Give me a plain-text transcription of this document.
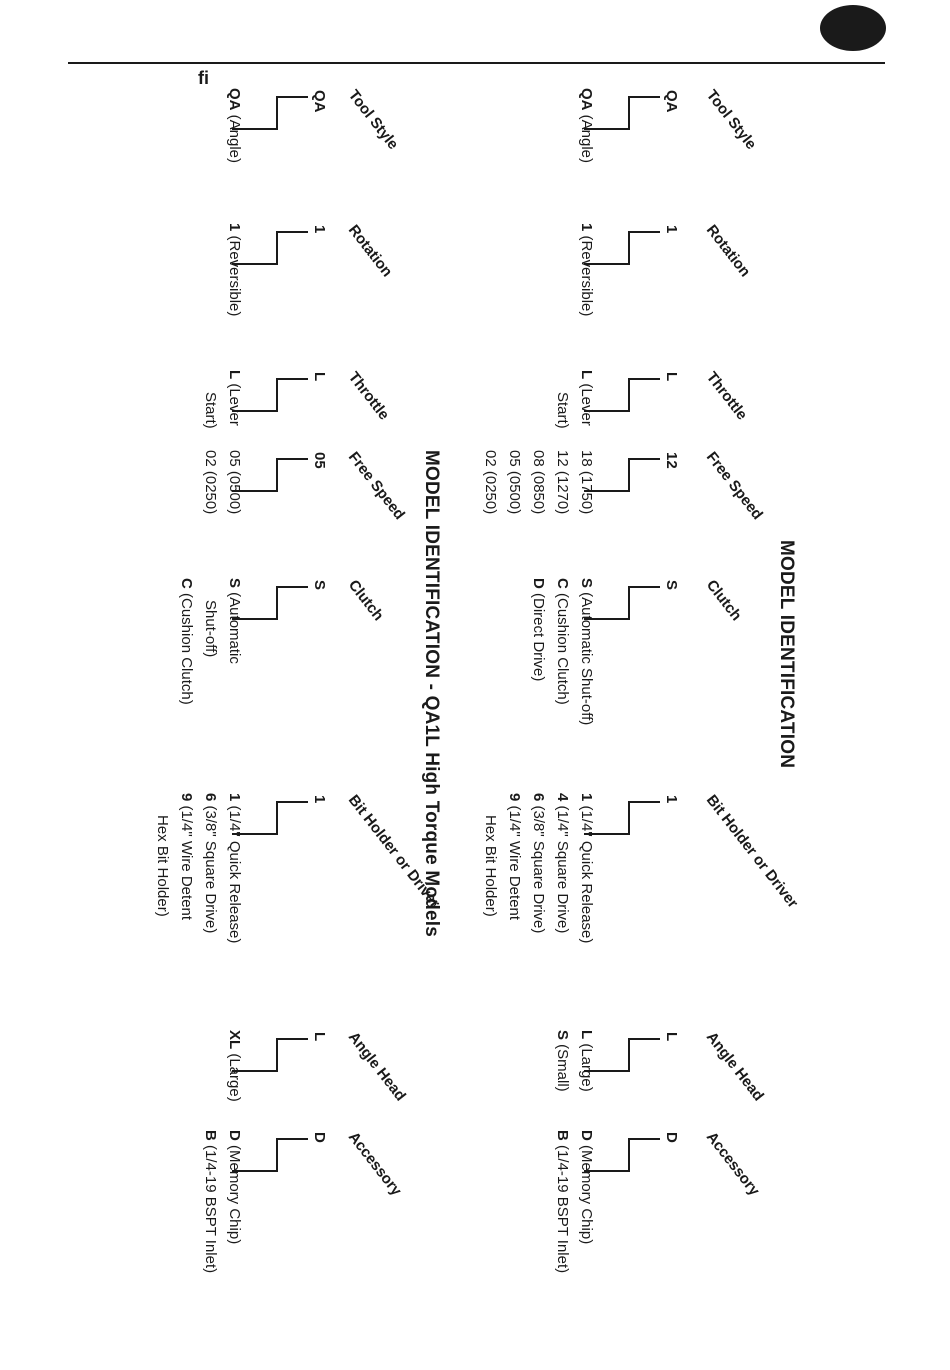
fi
MODEL IDENTIFICATION
Tool Style
QA
QA (Angle)
Rotation
1
1 (Reversible)
Throttle
L
L (Lever
Start)
Free Speed
12
18 (1750)
12 (1270)
08 (0850)
05 (0500)
02 (0250)
Clutch
S
S (Automatic Shut-off)
C (Cushion Clutch)
D (Direct Drive)
Bit Holder or Driver
1
1 (1/4" Quick Release)
4 (1/4" Square Drive)
6 (3/8" Square Drive)
9 (1/4" Wire Detent
Hex Bit Holder)
Angle Head
L
L (Large)
S (Small)
Accessory
D
D (Memory Chip)
B (1/4-19 BSPT Inlet)
MODEL IDENTIFICATION - QA1L High Torque Models
Tool Style
QA
QA (Angle)
Rotation
1
1 (Reversible)
Throttle
L
L (Lever
Start)
Free Speed
05
05 (0500)
02 (0250)
Clutch
S
S (Automatic
Shut-off)
C (Cushion Clutch)
Bit Holder or Driver
1
1 (1/4" Quick Release)
6 (3/8" Square Drive)
9 (1/4" Wire Detent
Hex Bit Holder)
Angle Head
L
XL (Large)
Accessory
D
D (Memory Chip)
B (1/4-19 BSPT Inlet)
